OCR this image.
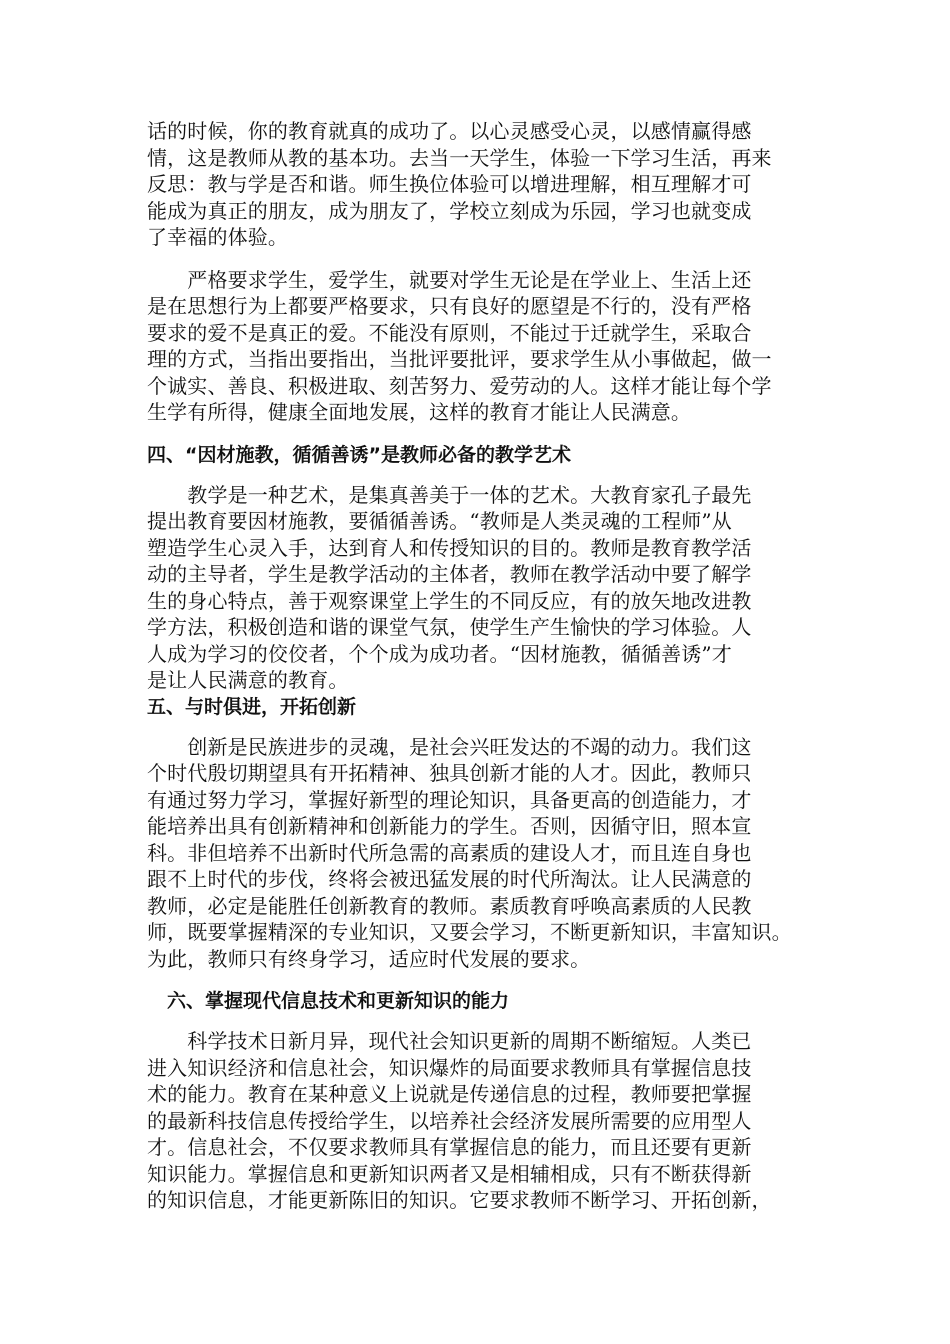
话的时候，你的教育就真的成功了。以心灵感受心灵，以感情赢得感
情，这是教师从教的基本功。去当一天学生，体验一下学习生活，再来
反思：教与学是否和谐。师生换位体验可以增进理解，相互理解才可
能成为真正的朋友，成为朋友了，学校立刻成为乐园，学习也就变成
了幸福的体验。
　　严格要求学生，爱学生，就要对学生无论是在学业上、生活上还
是在思想行为上都要严格要求，只有良好的愿望是不行的，没有严格
要求的爱不是真正的爱。不能没有原则，不能过于迁就学生，采取合
理的方式，当指出要指出，当批评要批评，要求学生从小事做起，做一
个诚实、善良、积极进取、刻苦努力、爱劳动的人。这样才能让每个学
生学有所得，健康全面地发展，这样的教育才能让人民满意。
四、“因材施教，循循善诱”是教师必备的教学艺术
　　教学是一种艺术，是集真善美于一体的艺术。大教育家孔子最先
提出教育要因材施教，要循循善诱。“教师是人类灵魂的工程师”从
塑造学生心灵入手，达到育人和传授知识的目的。教师是教育教学活
动的主导者，学生是教学活动的主体者，教师在教学活动中要了解学
生的身心特点，善于观察课堂上学生的不同反应，有的放矢地改进教
学方法，积极创造和谐的课堂气氛，使学生产生愉快的学习体验。人
人成为学习的佼佼者，个个成为成功者。“因材施教，循循善诱”才
是让人民满意的教育。
五、与时俱进，开拓创新
　　创新是民族进步的灵魂，是社会兴旺发达的不竭的动力。我们这
个时代殷切期望具有开拓精神、独具创新才能的人才。因此，教师只
有通过努力学习，掌握好新型的理论知识，具备更高的创造能力，才
能培养出具有创新精神和创新能力的学生。否则，因循守旧，照本宣
科。非但培养不出新时代所急需的高素质的建设人才，而且连自身也
跟不上时代的步伐，终将会被迅猛发展的时代所淘汰。让人民满意的
教师，必定是能胜任创新教育的教师。素质教育呼唤高素质的人民教
师，既要掌握精深的专业知识，又要会学习，不断更新知识，丰富知识。
为此，教师只有终身学习，适应时代发展的要求。
六、掌握现代信息技术和更新知识的能力
　　科学技术日新月异，现代社会知识更新的周期不断缩短。人类已
进入知识经济和信息社会，知识爆炸的局面要求教师具有掌握信息技
术的能力。教育在某种意义上说就是传递信息的过程，教师要把掌握
的最新科技信息传授给学生，以培养社会经济发展所需要的应用型人
才。信息社会，不仅要求教师具有掌握信息的能力，而且还要有更新
知识能力。掌握信息和更新知识两者又是相辅相成，只有不断获得新
的知识信息，才能更新陈旧的知识。它要求教师不断学习、开拓创新，
